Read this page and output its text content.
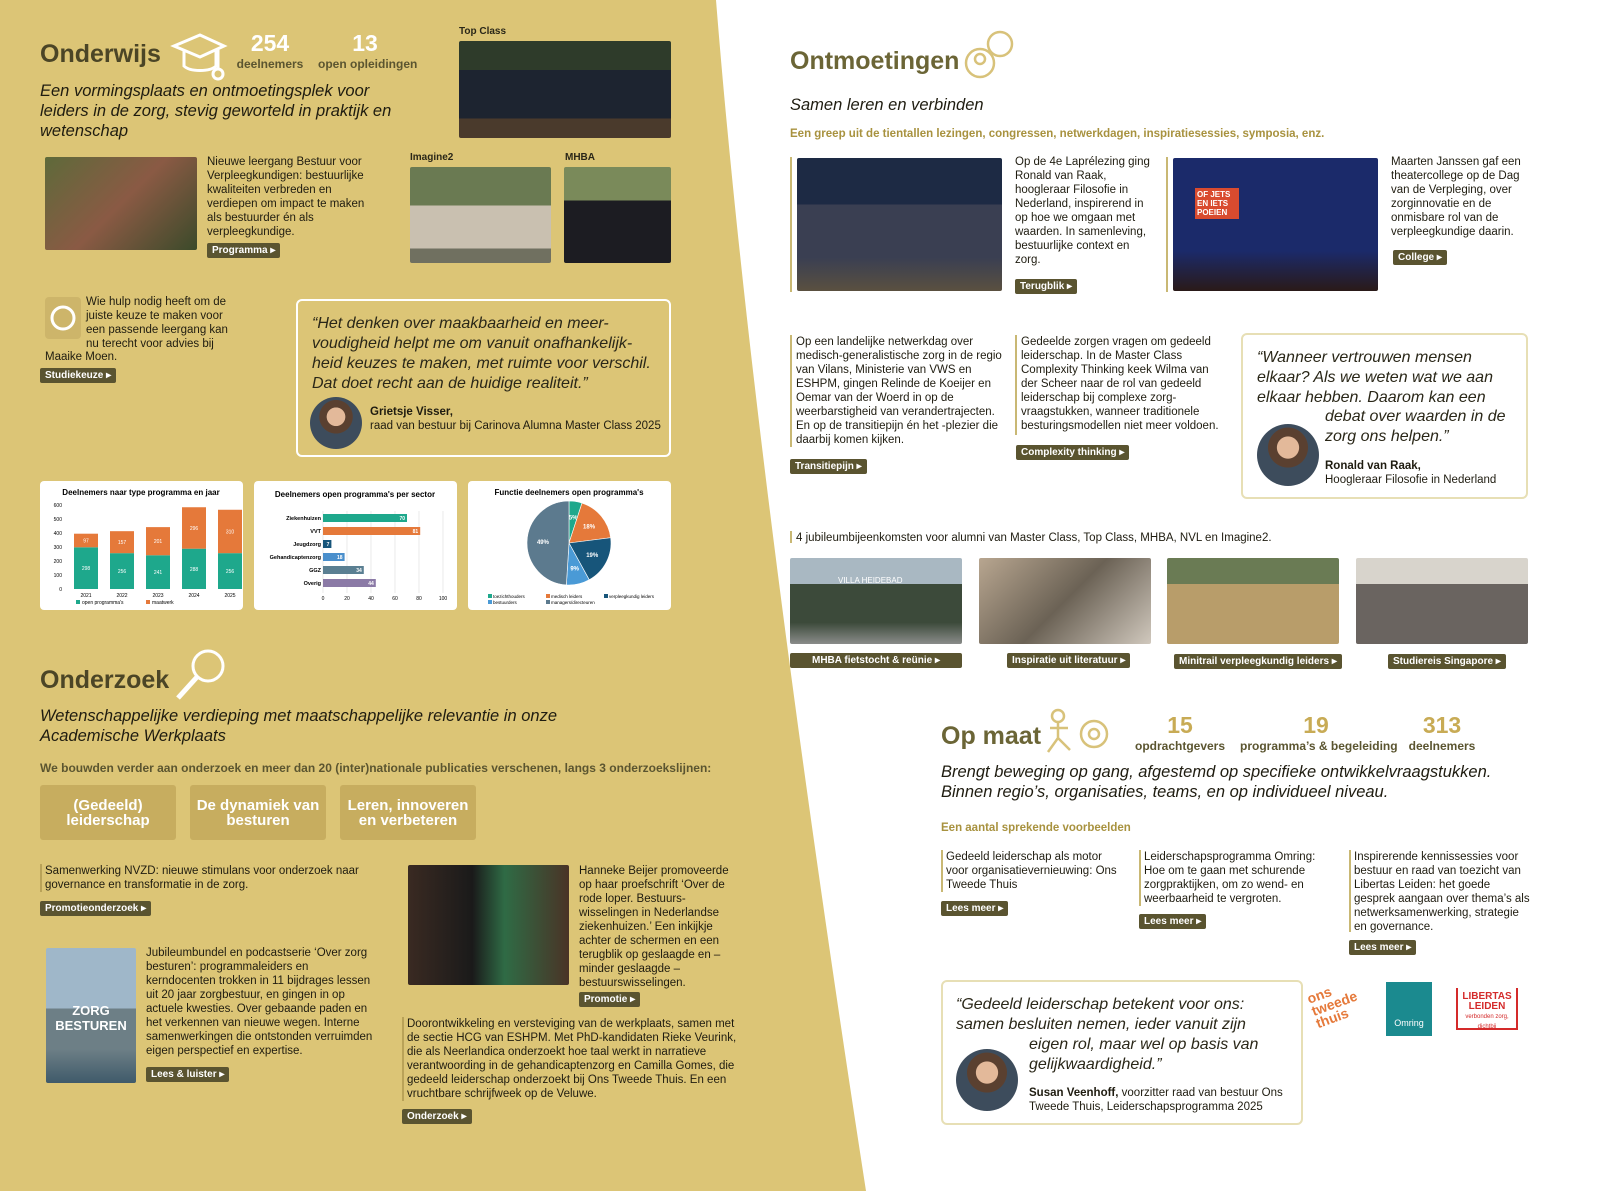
Onderwijs	254
deelnemers
13
open opleidingen
Een vormingsplaats en ontmoetingsplek voor leiders in de zorg, stevig geworteld in praktijk en wetenschap
Top Class
Nieuwe leergang Bestuur voor Verpleegkundigen: bestuurlijke kwaliteiten verbreden en verdiepen om impact te maken als bestuurder én als verpleegkundige.
Programma ▸
Imagine2	MHBA
Wie hulp nodig heeft om de juiste keuze te maken voor een passende leergang kan nu terecht voor advies bij
Maaike Moen.
Studiekeuze ▸
“Het denken over maakbaarheid en meer-voudigheid helpt me om vanuit onafhankelijk-heid keuzes te maken, met ruimte voor verschil. Dat doet recht aan de huidige realiteit.”
Grietsje Visser,
raad van bestuur bij Carinova Alumna Master Class 2025
Deelnemers naar type programma en jaar
0
100
200
300
400
500
600
298
97
2021
256
157
2022
241
201
2023
288
296
2024
256
310
2025
open programma's	maatwerk
Deelnemers open programma's per sector
0	20	40	60	80	100
Ziekenhuizen	70
VVT	81
Jeugdzorg 7
Gehandicaptenzorg	18
GGZ	34
Overig	44
Functie deelnemers open programma's
5%
18%
19%
9%
49%
toezichthouders	medisch leiders	verpleegkundig leiders
bestuurders	managers/directeuren
Onderzoek
Wetenschappelijke verdieping met maatschappelijke relevantie in onze Academische Werkplaats
We bouwden verder aan onderzoek en meer dan 20 (inter)nationale publicaties verschenen, langs 3 onderzoekslijnen:
(Gedeeld) leiderschap
De dynamiek van besturen
Leren, innoveren en verbeteren
Samenwerking NVZD: nieuwe stimulans voor onderzoek naar governance en transformatie in de zorg.
Promotieonderzoek ▸
ZORG BESTUREN
Jubileumbundel en podcastserie ‘Over zorg besturen’: programmaleiders en kerndocenten trokken in 11 bijdrages lessen uit 20 jaar zorgbestuur, en gingen in op actuele kwesties. Over gebaande paden en het verkennen van nieuwe wegen. Interne samenwerkingen die ontstonden verruimden eigen perspectief en expertise.
Lees & luister ▸
Hanneke Beijer promoveerde op haar proefschrift ‘Over de rode loper. Bestuurs-wisselingen in Nederlandse ziekenhuizen.’ Een inkijkje achter de schermen en een terugblik op geslaagde en – minder geslaagde – bestuurswisselingen.
Promotie ▸
Doorontwikkeling en versteviging van de werkplaats, samen met de sectie HCG van ESHPM. Met PhD-kandidaten Rieke Veurink, die als Neerlandica onderzoekt hoe taal werkt in narratieve verantwoording in de gehandicaptenzorg en Camilla Gomes, die gedeeld leiderschap onderzoekt bij Ons Tweede Thuis. En een vruchtbare schrijfweek op de Veluwe.
Onderzoek ▸
Ontmoetingen
Samen leren en verbinden
Een greep uit de tientallen lezingen, congressen, netwerkdagen, inspiratiesessies, symposia, enz.
Op de 4e Laprélezing ging Ronald van Raak, hoogleraar Filosofie in Nederland, inspirerend in op hoe we omgaan met waarden. In samenleving, bestuurlijke context en zorg.
Terugblik ▸
OF JETS EN IETS POEIEN
Maarten Janssen gaf een theatercollege op de Dag van de Verpleging, over zorginnovatie en de onmisbare rol van de verpleegkundige daarin.
College ▸
Op een landelijke netwerkdag over medisch-generalistische zorg in de regio van Vilans, Ministerie van VWS en ESHPM, gingen Relinde de Koeijer en Oemar van der Woerd in op de weerbarstigheid van verandertrajecten. En op de transitiepijn én het -plezier die daarbij komen kijken.
Transitiepijn ▸
Gedeelde zorgen vragen om gedeeld leiderschap. In de Master Class Complexity Thinking keek Wilma van der Scheer naar de rol van gedeeld leiderschap bij complexe zorg-vraagstukken, wanneer traditionele besturingsmodellen niet meer voldoen.
Complexity thinking ▸
“Wanneer vertrouwen mensen elkaar? Als we weten wat we aan elkaar hebben. Daarom kan een
debat over waarden in de zorg ons helpen.”
Ronald van Raak,
Hoogleraar Filosofie in Nederland
4 jubileumbijeenkomsten voor alumni van Master Class, Top Class, MHBA, NVL en Imagine2.
VILLA HEIDEBAD
MHBA fietstocht & reünie ▸	Inspiratie uit literatuur ▸	Minitrail verpleegkundig leiders ▸	Studiereis Singapore ▸
Op maat	15
opdrachtgevers
19
programma’s & begeleiding
313
deelnemers
Brengt beweging op gang, afgestemd op specifieke ontwikkelvraagstukken. Binnen regio’s, organisaties, teams, en op individueel niveau.
Een aantal sprekende voorbeelden
Gedeeld leiderschap als motor voor organisatievernieuwing: Ons Tweede Thuis
Lees meer ▸
Leiderschapsprogramma Omring: Hoe om te gaan met schurende zorgpraktijken, om zo wend- en weerbaarheid te vergroten.
Lees meer ▸
Inspirerende kennissessies voor bestuur en raad van toezicht van Libertas Leiden: het goede gesprek aangaan over thema’s als netwerksamenwerking, strategie en governance.
Lees meer ▸
“Gedeeld leiderschap betekent voor ons: samen besluiten nemen, ieder vanuit zijn
eigen rol, maar wel op basis van gelijkwaardigheid.”
Susan Veenhoff, voorzitter raad van bestuur Ons Tweede Thuis, Leiderschapsprogramma 2025
ons tweede thuis	Omring
LIBERTAS LEIDEN
verbonden zorg, dichtbij
